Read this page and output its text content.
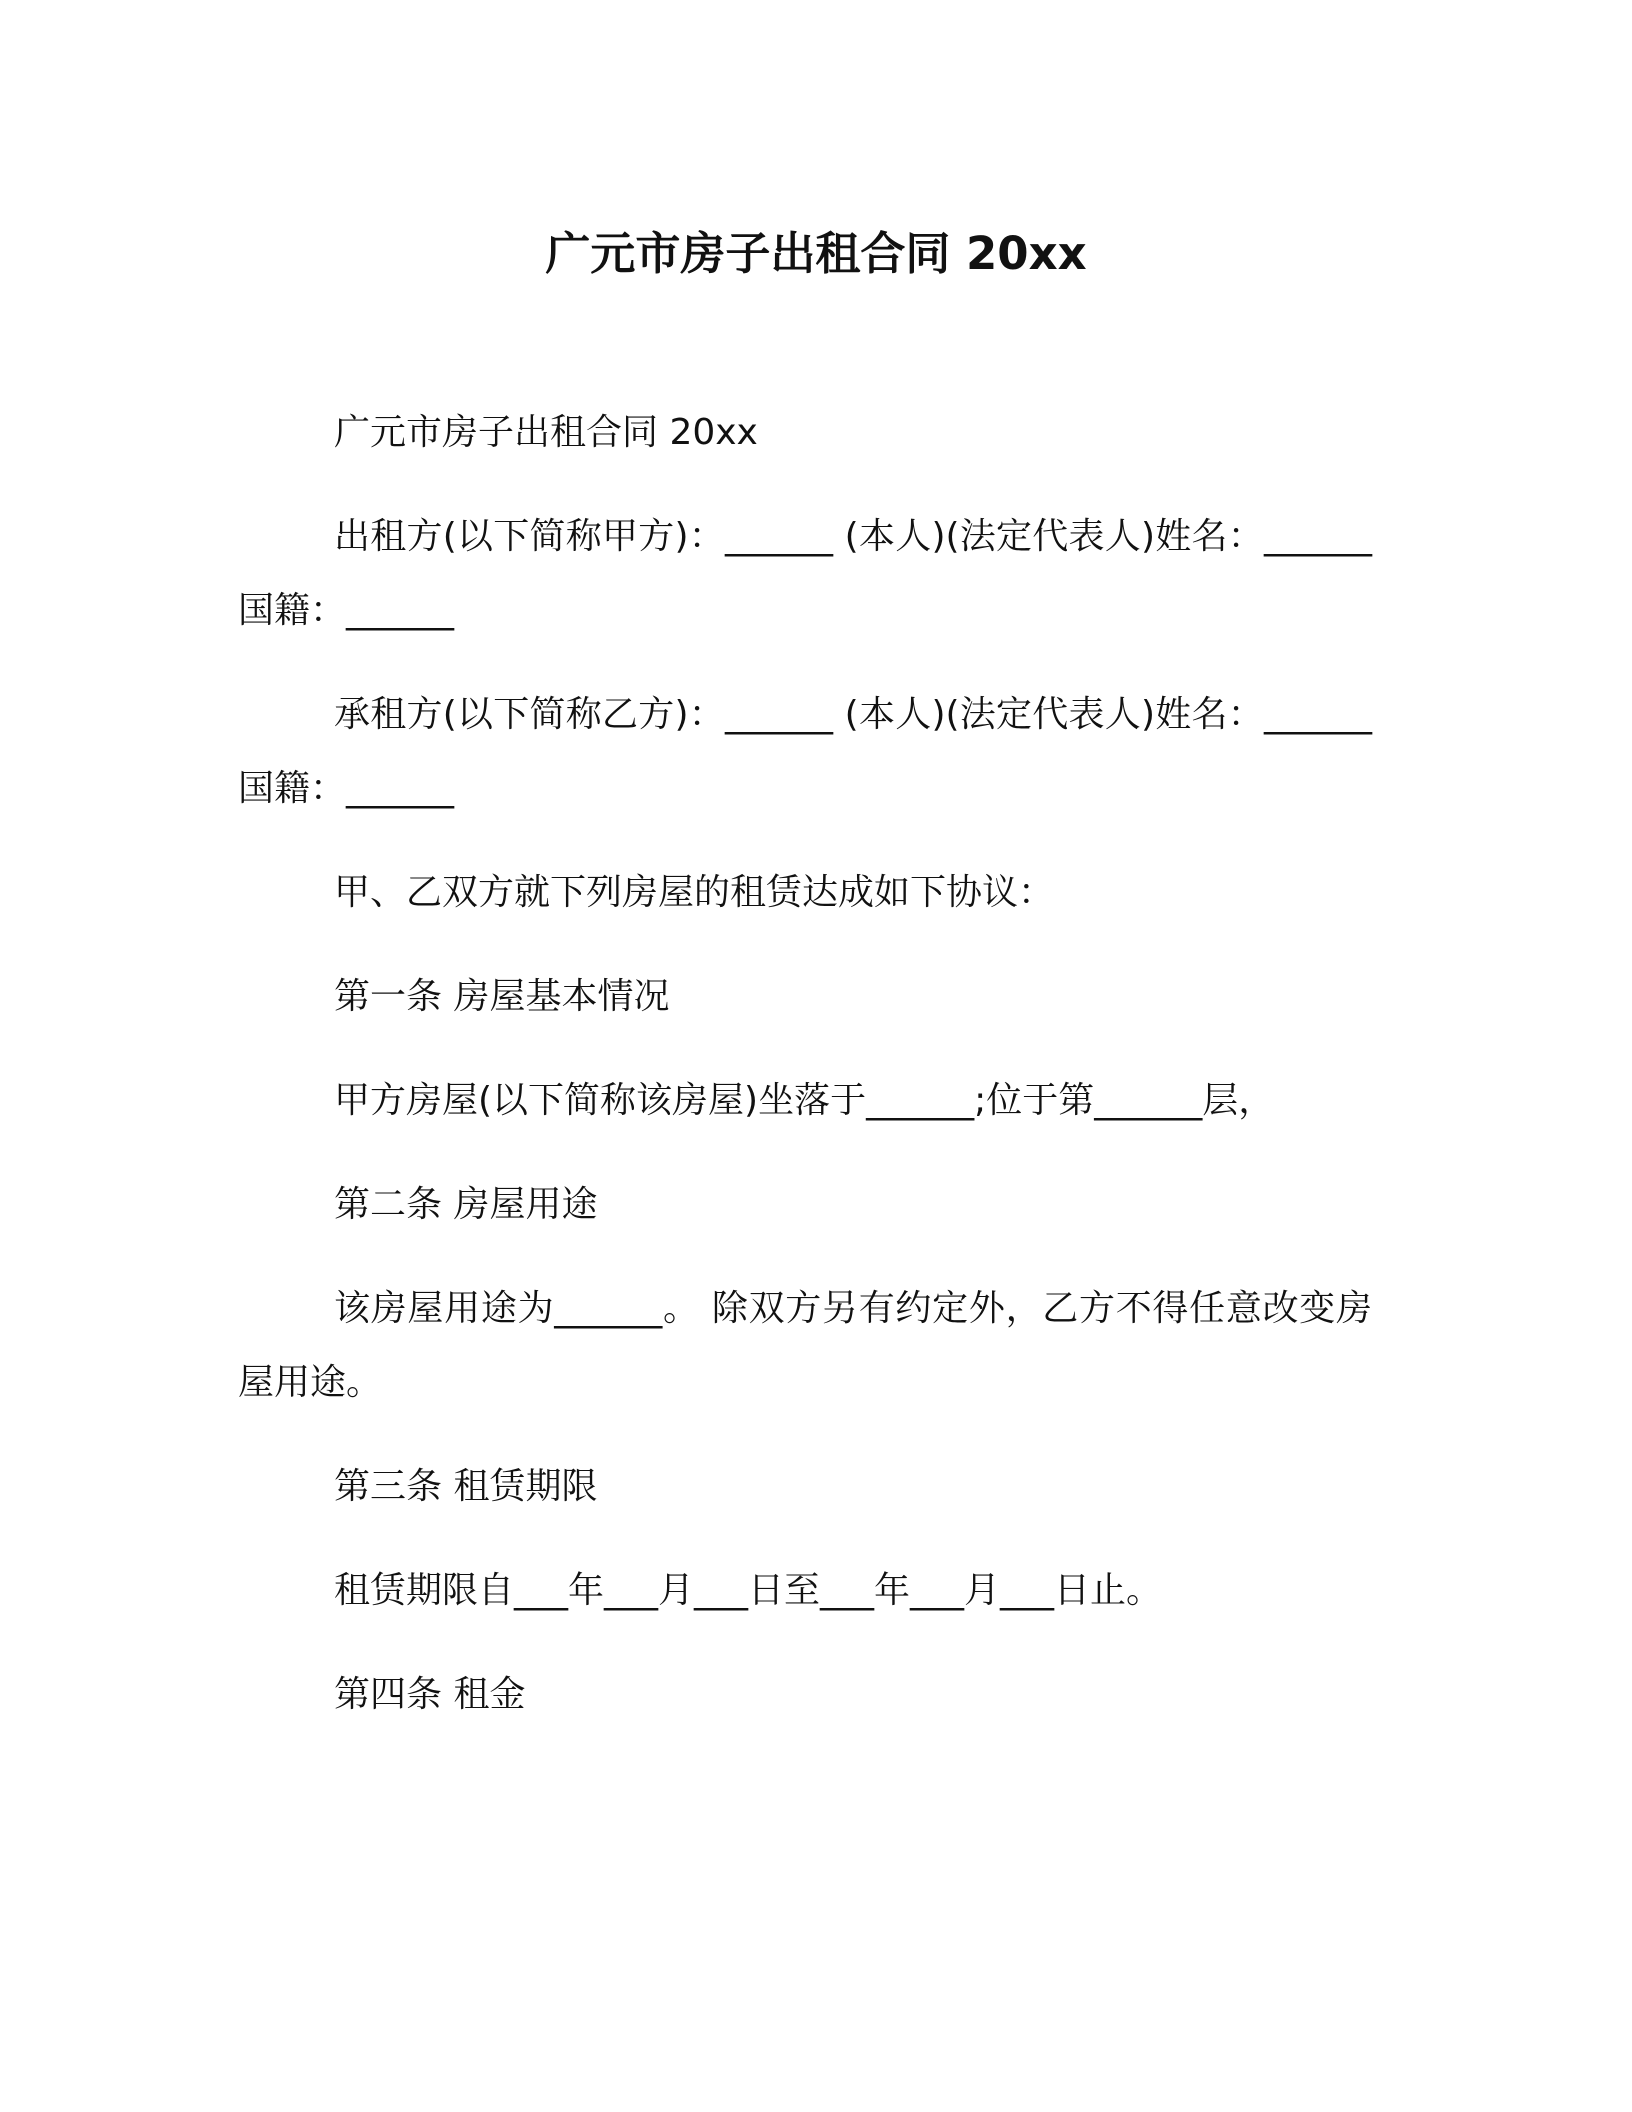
广元市房子出租合同 20xx

广元市房子出租合同 20xx

出租方(以下简称甲方)：______ (本人)(法定代表人)姓名：______ 国籍：______

承租方(以下简称乙方)：______ (本人)(法定代表人)姓名：______ 国籍：______

甲、乙双方就下列房屋的租赁达成如下协议：

第一条 房屋基本情况

甲方房屋(以下简称该房屋)坐落于______;位于第______层，

第二条 房屋用途

该房屋用途为______。 除双方另有约定外，乙方不得任意改变房屋用途。

第三条 租赁期限

租赁期限自___年___月___日至___年___月___日止。

第四条 租金
